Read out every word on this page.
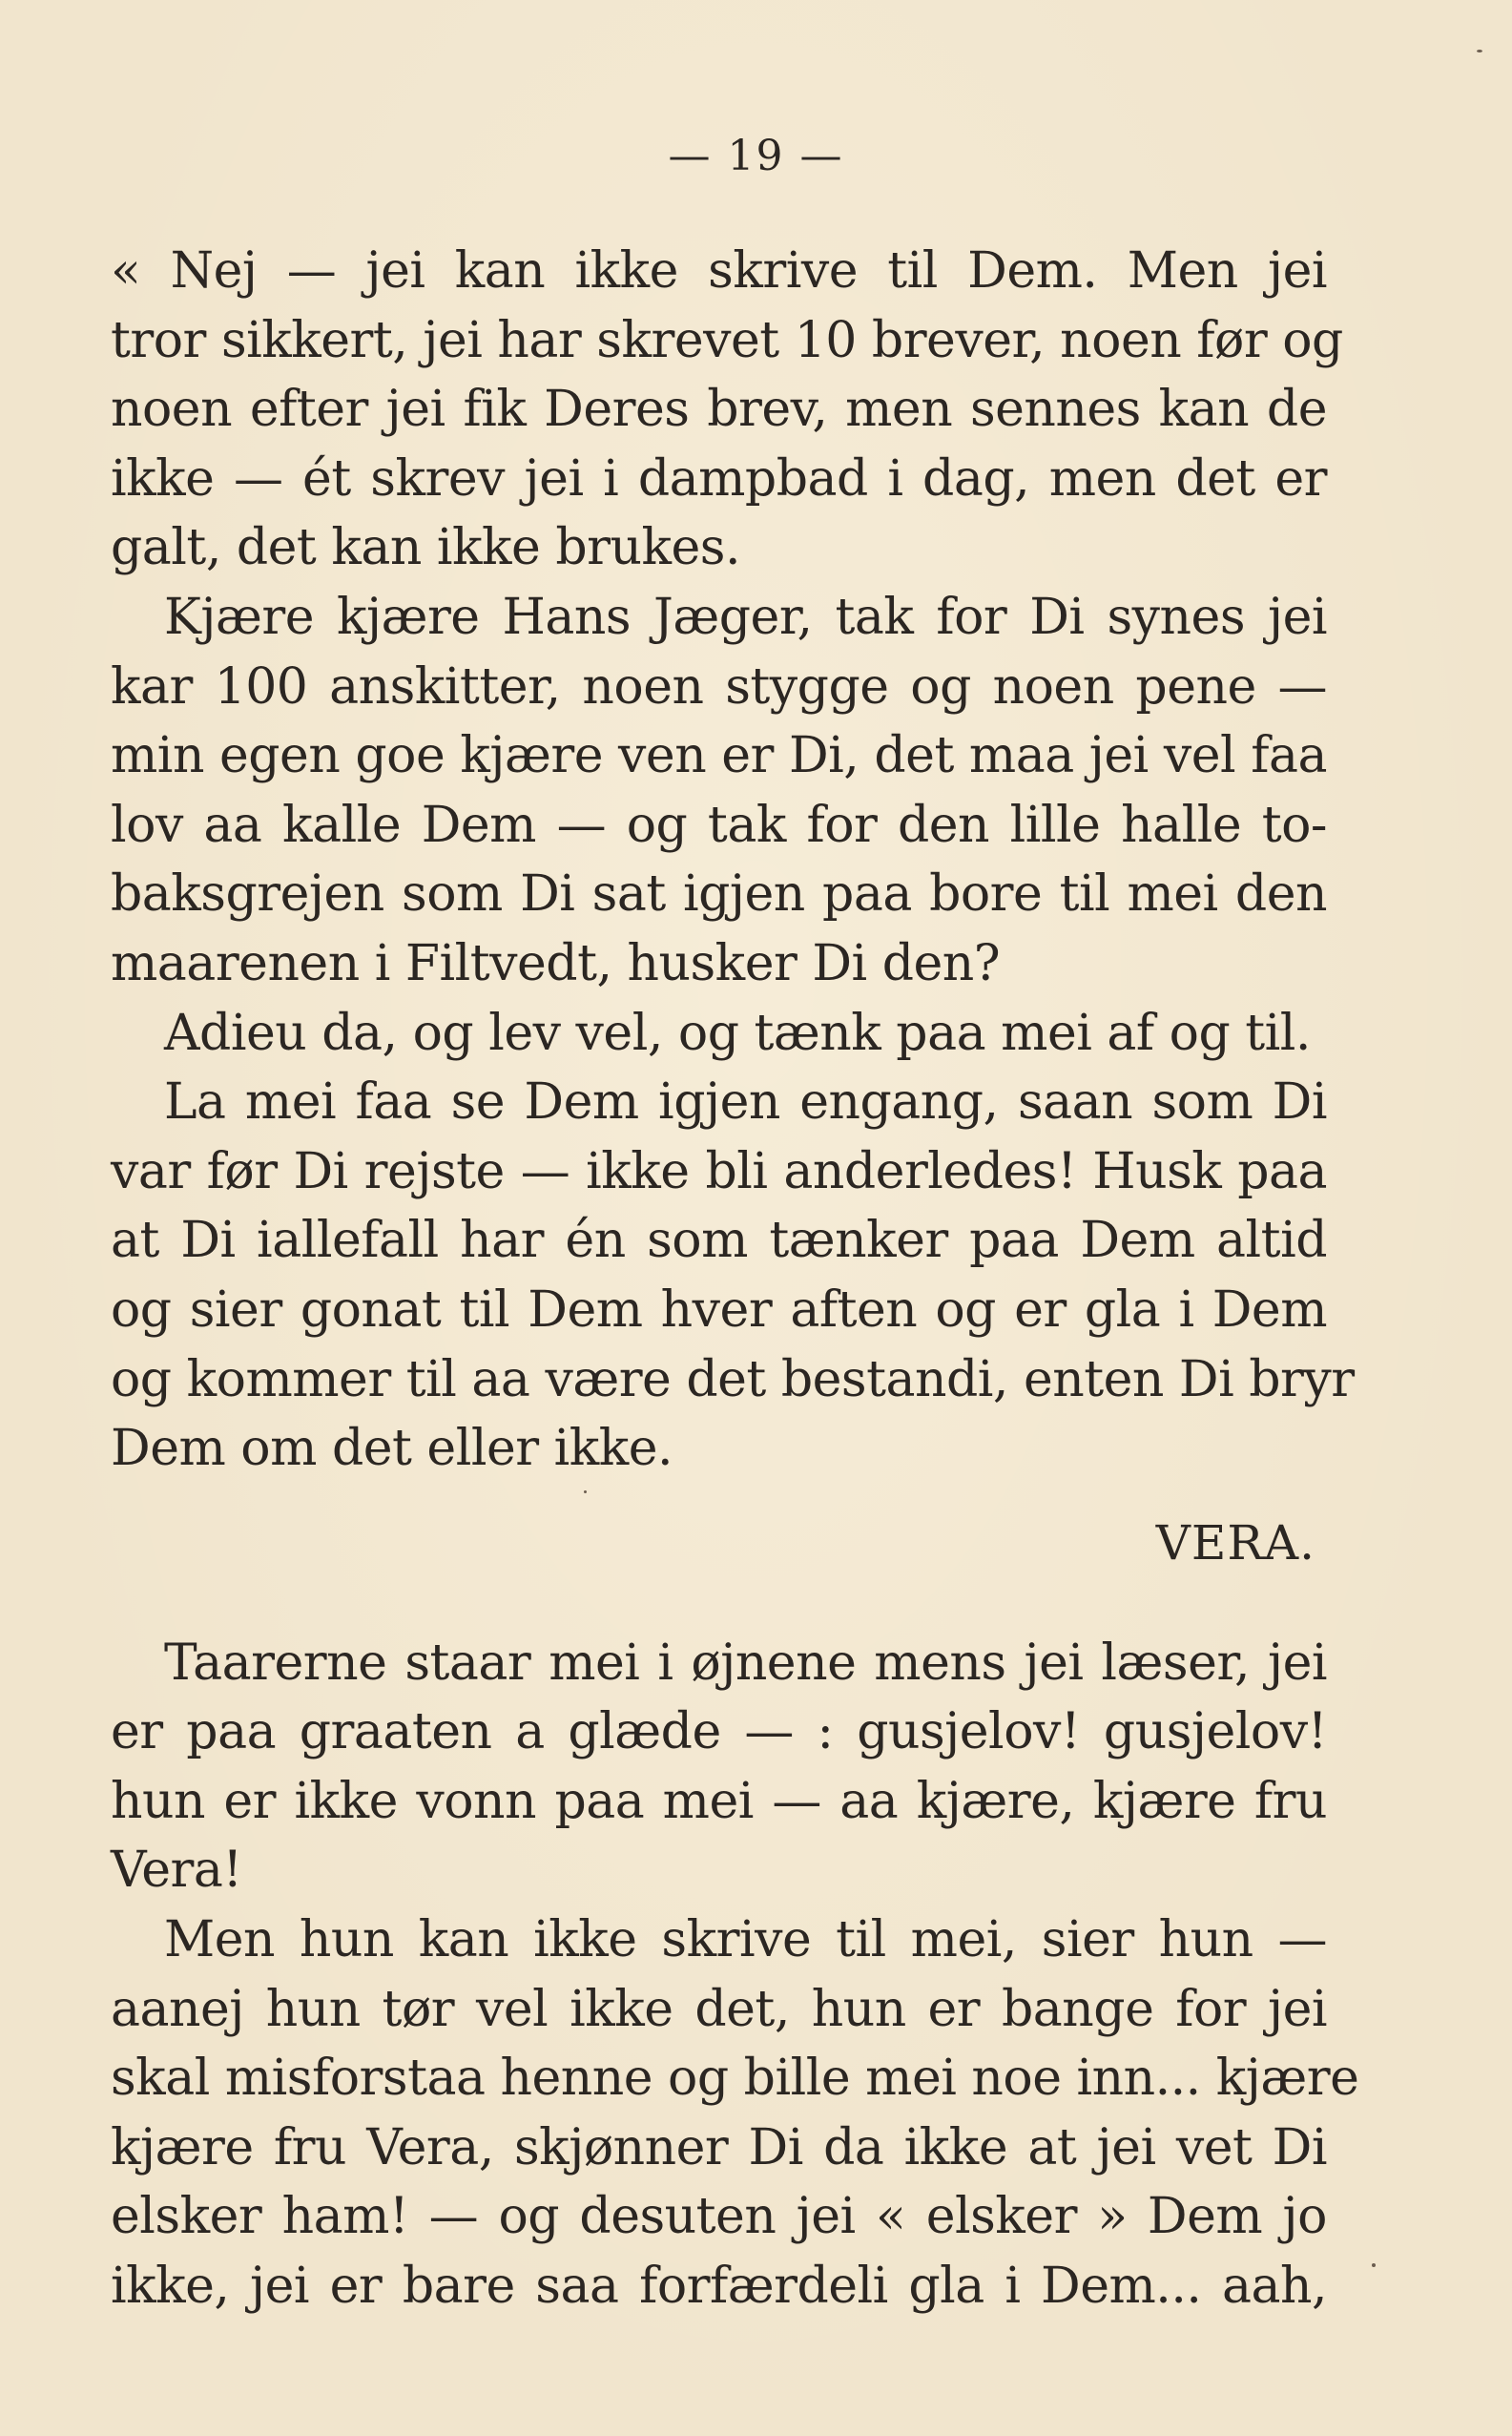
— 19 —
« Nej — jei kan ikke skrive til Dem. Men jei
tror sikkert, jei har skrevet 10 brever, noen før og
noen efter jei fik Deres brev, men sennes kan de
ikke — ét skrev jei i dampbad i dag, men det er
galt, det kan ikke brukes.
Kjære kjære Hans Jæger, tak for Di synes jei
kar 100 anskitter, noen stygge og noen pene —
min egen goe kjære ven er Di, det maa jei vel faa
lov aa kalle Dem — og tak for den lille halle to-
baksgrejen som Di sat igjen paa bore til mei den
maarenen i Filtvedt, husker Di den?
Adieu da, og lev vel, og tænk paa mei af og til.
La mei faa se Dem igjen engang, saan som Di
var før Di rejste — ikke bli anderledes! Husk paa
at Di iallefall har én som tænker paa Dem altid
og sier gonat til Dem hver aften og er gla i Dem
og kommer til aa være det bestandi, enten Di bryr
Dem om det eller ikke.
VERA.
Taarerne staar mei i øjnene mens jei læser, jei
er paa graaten a glæde — : gusjelov! gusjelov!
hun er ikke vonn paa mei — aa kjære, kjære fru
Vera!
Men hun kan ikke skrive til mei, sier hun —
aanej hun tør vel ikke det, hun er bange for jei
skal misforstaa henne og bille mei noe inn... kjære
kjære fru Vera, skjønner Di da ikke at jei vet Di
elsker ham! — og desuten jei « elsker » Dem jo
ikke, jei er bare saa forfærdeli gla i Dem... aah,
